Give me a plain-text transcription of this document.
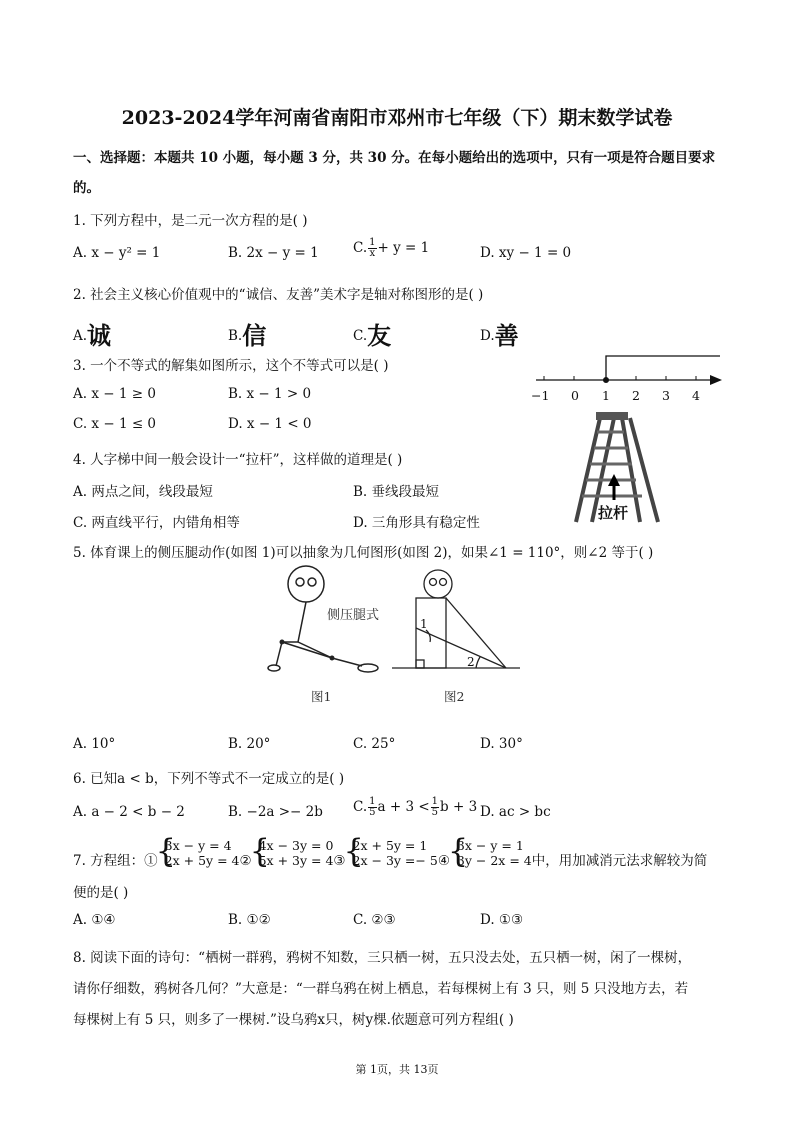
2023-2024学年河南省南阳市邓州市七年级（下）期末数学试卷
一、选择题：本题共 10 小题，每小题 3 分，共 30 分。在每小题给出的选项中，只有一项是符合题目要求
的。
1. 下列方程中，是二元一次方程的是( )
A. x − y² = 1	B. 2x − y = 1	C. $\frac{1}{x} + y = 1$	D. xy − 1 = 0
2. 社会主义核心价值观中的“诚信、友善”美术字是轴对称图形的是( )
A.诚	B.信	C.友	D.善
3. 一个不等式的解集如图所示，这个不等式可以是( )
A. x − 1 ≥ 0	B. x − 1 > 0
C. x − 1 ≤ 0	D. x − 1 < 0
−1 0 1 2 3 4
4. 人字梯中间一般会设计一“拉杆”，这样做的道理是( )
A. 两点之间，线段最短	B. 垂线段最短
C. 两直线平行，内错角相等	D. 三角形具有稳定性
拉杆
5. 体育课上的侧压腿动作(如图 1)可以抽象为几何图形(如图 2)，如果∠1 = 110°，则∠2 等于( )
侧压腿式
1
2
图1	图2
A. 10°	B. 20°	C. 25°	D. 30°
6. 已知a < b，下列不等式不一定成立的是( )
A. a − 2 < b − 2	B. −2a >− 2b C. $\frac{1}{5}$ $a + 3 < \frac{1}{5}$ b + 3 D. ac > bc
7. 方程组：①
{ 3x − y = 4
2x + 5y = 4 ②
{ 4x − 3y = 0
5x + 3y = 4 ③
{ 2x + 5y = 1
2x − 3y =− 5 ④
{ 3x − y = 1
3y − 2x = 4 中，用加减消元法求解较为简
便的是( )
A. ①④	B. ①②	C. ②③	D. ①③
8. 阅读下面的诗句：“栖树一群鸦，鸦树不知数，三只栖一树，五只没去处，五只栖一树，闲了一棵树，
请你仔细数，鸦树各几何？”大意是：“一群乌鸦在树上栖息，若每棵树上有 3 只，则 5 只没地方去，若
每棵树上有 5 只，则多了一棵树.”设乌鸦x只，树y棵.依题意可列方程组( )
第 1页，共 13页
